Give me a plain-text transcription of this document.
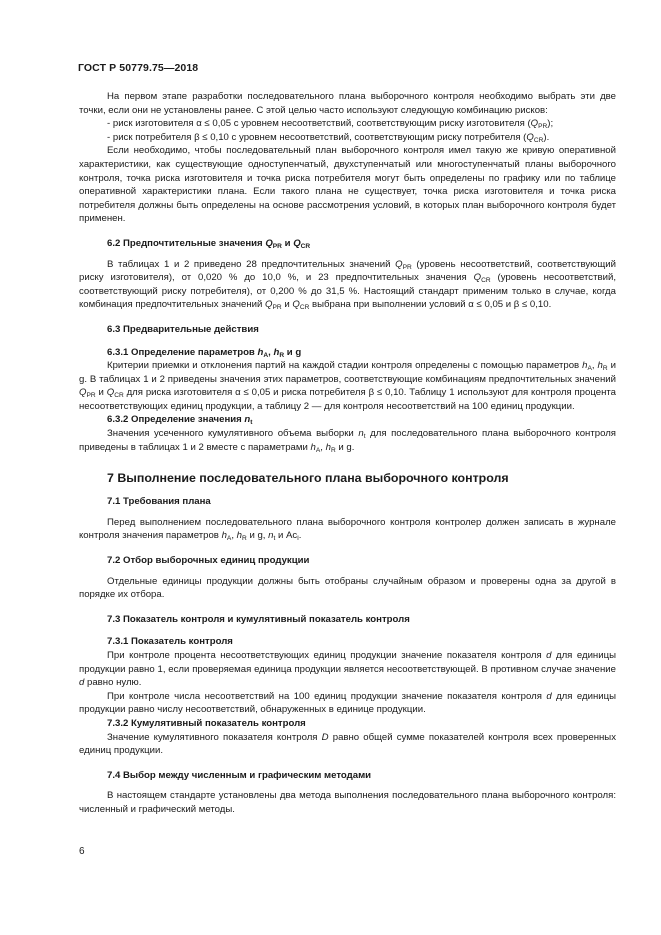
ГОСТ Р 50779.75—2018

На первом этапе разработки последовательного плана выборочного контроля необходимо выбрать эти две точки, если они не установлены ранее. С этой целью часто используют следующую комбинацию рисков:

- риск изготовителя α ≤ 0,05 с уровнем несоответствий, соответствующим риску изготовителя $(Q_{PR})$;

- риск потребителя β ≤ 0,10 с уровнем несоответствий, соответствующим риску потребителя $(Q_{CR})$.

Если необходимо, чтобы последовательный план выборочного контроля имел такую же кривую оперативной характеристики, как существующие одноступенчатый, двухступенчатый или многоступенчатый планы выборочного контроля, точка риска изготовителя и точка риска потребителя могут быть определены по графику или по таблице оперативной характеристики плана. Если такого плана не существует, точка риска изготовителя и точка риска потребителя должны быть определены на основе рассмотрения условий, в которых план выборочного контроля будет применен.

6.2 Предпочтительные значения $Q_{PR}$ и $Q_{CR}$

В таблицах 1 и 2 приведено 28 предпочтительных значений $Q_{PR}$ (уровень несоответствий, соответствующий риску изготовителя), от 0,020 % до 10,0 %, и 23 предпочтительных значения $Q_{CR}$ (уровень несоответствий, соответствующий риску потребителя), от 0,200 % до 31,5 %. Настоящий стандарт применим только в случае, когда комбинация предпочтительных значений $Q_{PR}$ и $Q_{CR}$ выбрана при выполнении условий α ≤ 0,05 и β ≤ 0,10.

6.3 Предварительные действия

6.3.1 Определение параметров $h_A$, $h_R$ и g

Критерии приемки и отклонения партий на каждой стадии контроля определены с помощью параметров $h_A$, $h_R$ и g. В таблицах 1 и 2 приведены значения этих параметров, соответствующие комбинациям предпочтительных значений $Q_{PR}$ и $Q_{CR}$ для риска изготовителя α ≤ 0,05 и риска потребителя β ≤ 0,10. Таблицу 1 используют для контроля процента несоответствующих единиц продукции, а таблицу 2 — для контроля несоответствий на 100 единиц продукции.

6.3.2 Определение значения $n_t$

Значения усеченного кумулятивного объема выборки $n_t$ для последовательного плана выборочного контроля приведены в таблицах 1 и 2 вместе с параметрами $h_A$, $h_R$ и g.

7 Выполнение последовательного плана выборочного контроля

7.1 Требования плана

Перед выполнением последовательного плана выборочного контроля контролер должен записать в журнале контроля значения параметров $h_A$, $h_R$ и g, $n_t$ и $Ac_l$.

7.2 Отбор выборочных единиц продукции

Отдельные единицы продукции должны быть отобраны случайным образом и проверены одна за другой в порядке их отбора.

7.3 Показатель контроля и кумулятивный показатель контроля

7.3.1 Показатель контроля

При контроле процента несоответствующих единиц продукции значение показателя контроля d для единицы продукции равно 1, если проверяемая единица продукции является несоответствующей. В противном случае значение d равно нулю.

При контроле числа несоответствий на 100 единиц продукции значение показателя контроля d для единицы продукции равно числу несоответствий, обнаруженных в единице продукции.

7.3.2 Кумулятивный показатель контроля

Значение кумулятивного показателя контроля D равно общей сумме показателей контроля всех проверенных единиц продукции.

7.4 Выбор между численным и графическим методами

В настоящем стандарте установлены два метода выполнения последовательного плана выборочного контроля: численный и графический методы.

6
